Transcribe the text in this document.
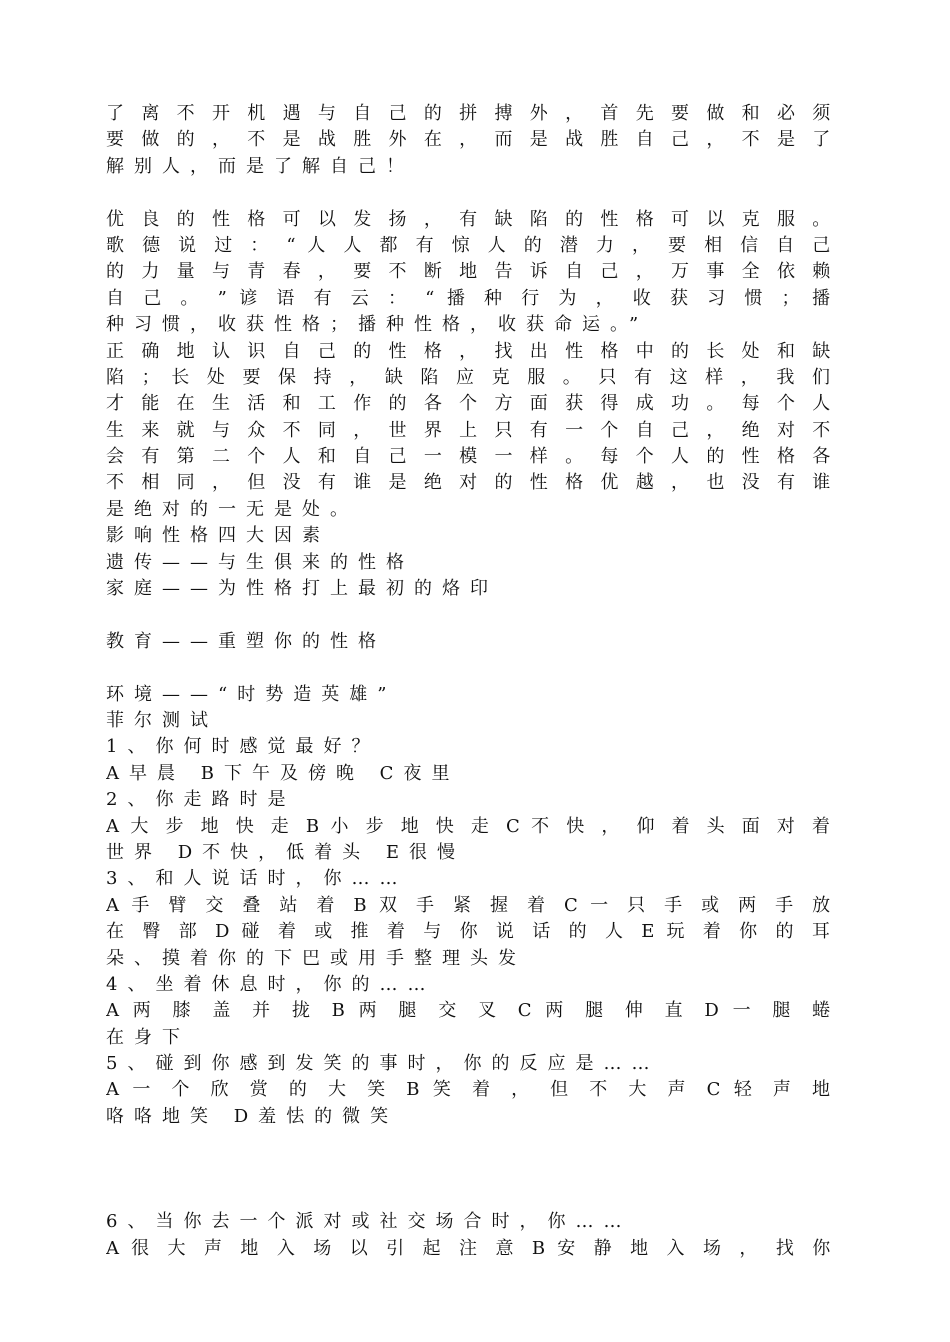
了 离 不 开 机 遇 与 自 己 的 拼 搏 外 ， 首 先 要 做 和 必 须
要 做 的 ， 不 是 战 胜 外 在 ， 而 是 战 胜 自 己 ， 不 是 了
解别人，而是了解自己！
优 良 的 性 格 可 以 发 扬 ， 有 缺 陷 的 性 格 可 以 克 服 。
歌 德 说 过 ： “ 人 人 都 有 惊 人 的 潜 力 ， 要 相 信 自 己
的 力 量 与 青 春 ， 要 不 断 地 告 诉 自 己 ， 万 事 全 依 赖
自 己 。 ” 谚 语 有 云 ： “ 播 种 行 为 ， 收 获 习 惯 ； 播
种习惯，收获性格；播种性格，收获命运。”
正 确 地 认 识 自 己 的 性 格 ， 找 出 性 格 中 的 长 处 和 缺
陷 ； 长 处 要 保 持 ， 缺 陷 应 克 服 。 只 有 这 样 ， 我 们
才 能 在 生 活 和 工 作 的 各 个 方 面 获 得 成 功 。 每 个 人
生 来 就 与 众 不 同 ， 世 界 上 只 有 一 个 自 己 ， 绝 对 不
会 有 第 二 个 人 和 自 己 一 模 一 样 。 每 个 人 的 性 格 各
不 相 同 ， 但 没 有 谁 是 绝 对 的 性 格 优 越 ， 也 没 有 谁
是绝对的一无是处。
影响性格四大因素
遗传——与生俱来的性格
家庭——为性格打上最初的烙印
教育——重塑你的性格
环境——“时势造英雄”
菲尔测试
1、你何时感觉最好？
A早晨 B下午及傍晚 C夜里
2、你走路时是
A 大 步 地 快 走 B 小 步 地 快 走 C 不 快 ， 仰 着 头 面 对 着
世界 D不快，低着头 E很慢
3、和人说话时，你……
A 手 臂 交 叠 站 着 B 双 手 紧 握 着 C 一 只 手 或 两 手 放
在 臀 部 D 碰 着 或 推 着 与 你 说 话 的 人 E 玩 着 你 的 耳
朵、摸着你的下巴或用手整理头发
4、坐着休息时，你的……
A 两 膝 盖 并 拢 B 两 腿 交 叉 C 两 腿 伸 直 D 一 腿 蜷
在身下
5、碰到你感到发笑的事时，你的反应是……
A 一 个 欣 赏 的 大 笑 B 笑 着 ， 但 不 大 声 C 轻 声 地
咯咯地笑 D羞怯的微笑
6、当你去一个派对或社交场合时，你……
A 很 大 声 地 入 场 以 引 起 注 意 B 安 静 地 入 场 ， 找 你
